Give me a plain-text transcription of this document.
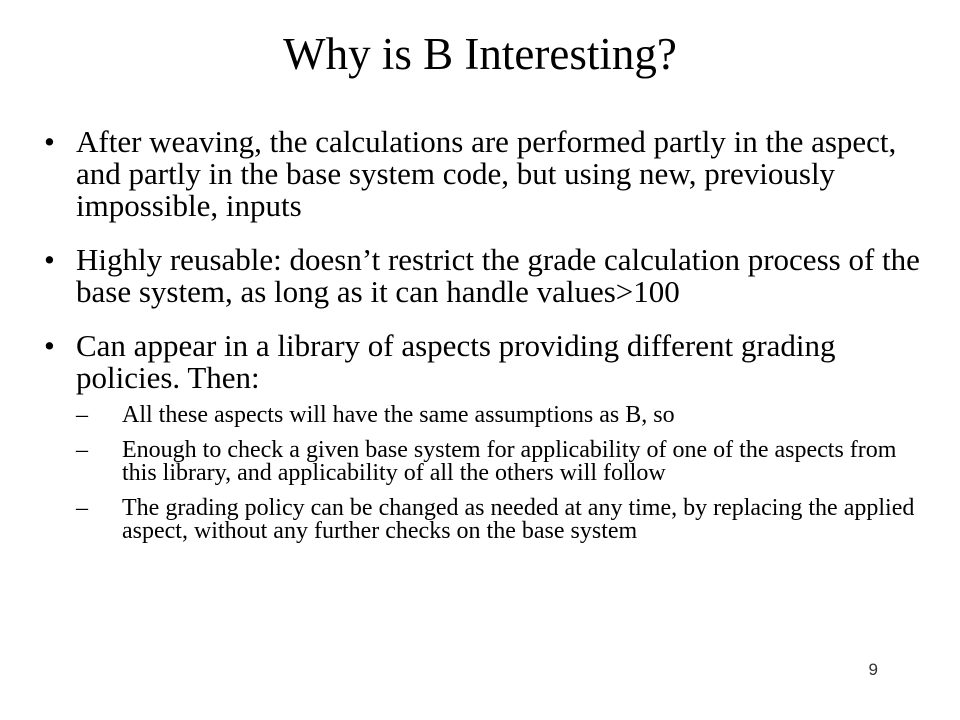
Why is B Interesting?
• After weaving, the calculations are performed partly in the aspect, and partly in the base system code, but using new, previously impossible, inputs
• Highly reusable: doesn’t restrict the grade calculation process of the base system, as long as it can handle values>100
• Can appear in a library of aspects providing different grading policies. Then:
– All these aspects will have the same assumptions as B, so
– Enough to check a given base system for applicability of one of the aspects from this library, and applicability of all the others will follow
– The grading policy can be changed as needed at any time, by replacing the applied aspect, without any further checks on the base system
9
